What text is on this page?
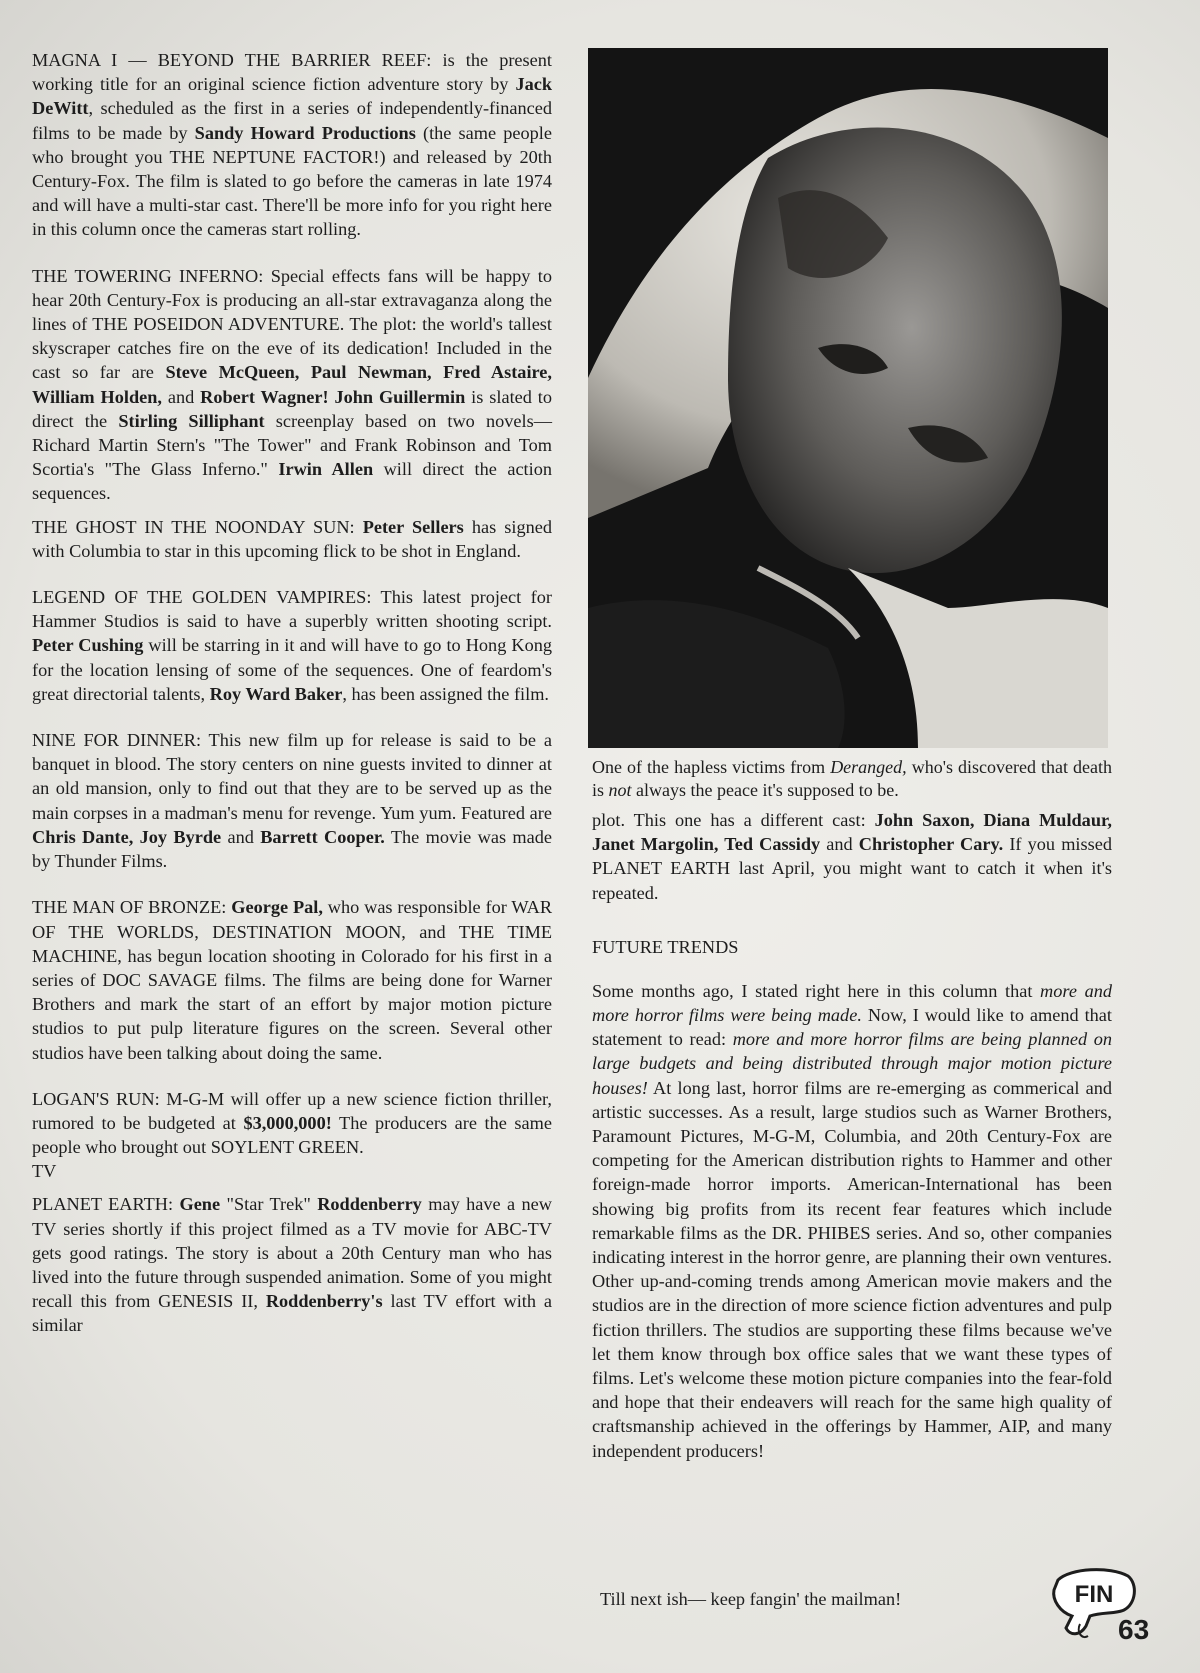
MAGNA I — BEYOND THE BARRIER REEF: is the present working title for an original science fiction adventure story by Jack DeWitt, scheduled as the first in a series of independently-financed films to be made by Sandy Howard Productions (the same people who brought you THE NEPTUNE FACTOR!) and released by 20th Century-Fox. The film is slated to go before the cameras in late 1974 and will have a multi-star cast. There'll be more info for you right here in this column once the cameras start rolling.

THE TOWERING INFERNO: Special effects fans will be happy to hear 20th Century-Fox is producing an all-star extravaganza along the lines of THE POSEIDON ADVENTURE. The plot: the world's tallest skyscraper catches fire on the eve of its dedication! Included in the cast so far are Steve McQueen, Paul Newman, Fred Astaire, William Holden, and Robert Wagner! John Guillermin is slated to direct the Stirling Silliphant screenplay based on two novels— Richard Martin Stern's "The Tower" and Frank Robinson and Tom Scortia's "The Glass Inferno." Irwin Allen will direct the action sequences.

THE GHOST IN THE NOONDAY SUN: Peter Sellers has signed with Columbia to star in this upcoming flick to be shot in England.

LEGEND OF THE GOLDEN VAMPIRES: This latest project for Hammer Studios is said to have a superbly written shooting script. Peter Cushing will be starring in it and will have to go to Hong Kong for the location lensing of some of the sequences. One of feardom's great directorial talents, Roy Ward Baker, has been assigned the film.

NINE FOR DINNER: This new film up for release is said to be a banquet in blood. The story centers on nine guests invited to dinner at an old mansion, only to find out that they are to be served up as the main corpses in a madman's menu for revenge. Yum yum. Featured are Chris Dante, Joy Byrde and Barrett Cooper. The movie was made by Thunder Films.

THE MAN OF BRONZE: George Pal, who was responsible for WAR OF THE WORLDS, DESTINATION MOON, and THE TIME MACHINE, has begun location shooting in Colorado for his first in a series of DOC SAVAGE films. The films are being done for Warner Brothers and mark the start of an effort by major motion picture studios to put pulp literature figures on the screen. Several other studios have been talking about doing the same.

LOGAN'S RUN: M-G-M will offer up a new science fiction thriller, rumored to be budgeted at $3,000,000! The producers are the same people who brought out SOYLENT GREEN.

TV

PLANET EARTH: Gene "Star Trek" Roddenberry may have a new TV series shortly if this project filmed as a TV movie for ABC-TV gets good ratings. The story is about a 20th Century man who has lived into the future through suspended animation. Some of you might recall this from GENESIS II, Roddenberry's last TV effort with a similar

One of the hapless victims from Deranged, who's discovered that death is not always the peace it's supposed to be.

plot. This one has a different cast: John Saxon, Diana Muldaur, Janet Margolin, Ted Cassidy and Christopher Cary. If you missed PLANET EARTH last April, you might want to catch it when it's repeated.

FUTURE TRENDS

Some months ago, I stated right here in this column that more and more horror films were being made. Now, I would like to amend that statement to read: more and more horror films are being planned on large budgets and being distributed through major motion picture houses! At long last, horror films are re-emerging as commerical and artistic successes. As a result, large studios such as Warner Brothers, Paramount Pictures, M-G-M, Columbia, and 20th Century-Fox are competing for the American distribution rights to Hammer and other foreign-made horror imports. American-International has been showing big profits from its recent fear features which include remarkable films as the DR. PHIBES series. And so, other companies indicating interest in the horror genre, are planning their own ventures. Other up-and-coming trends among American movie makers and the studios are in the direction of more science fiction adventures and pulp fiction thrillers. The studios are supporting these films because we've let them know through box office sales that we want these types of films. Let's welcome these motion picture companies into the fear-fold and hope that their endeavers will reach for the same high quality of craftsmanship achieved in the offerings by Hammer, AIP, and many independent producers!

Till next ish— keep fangin' the mailman!	FIN
63
